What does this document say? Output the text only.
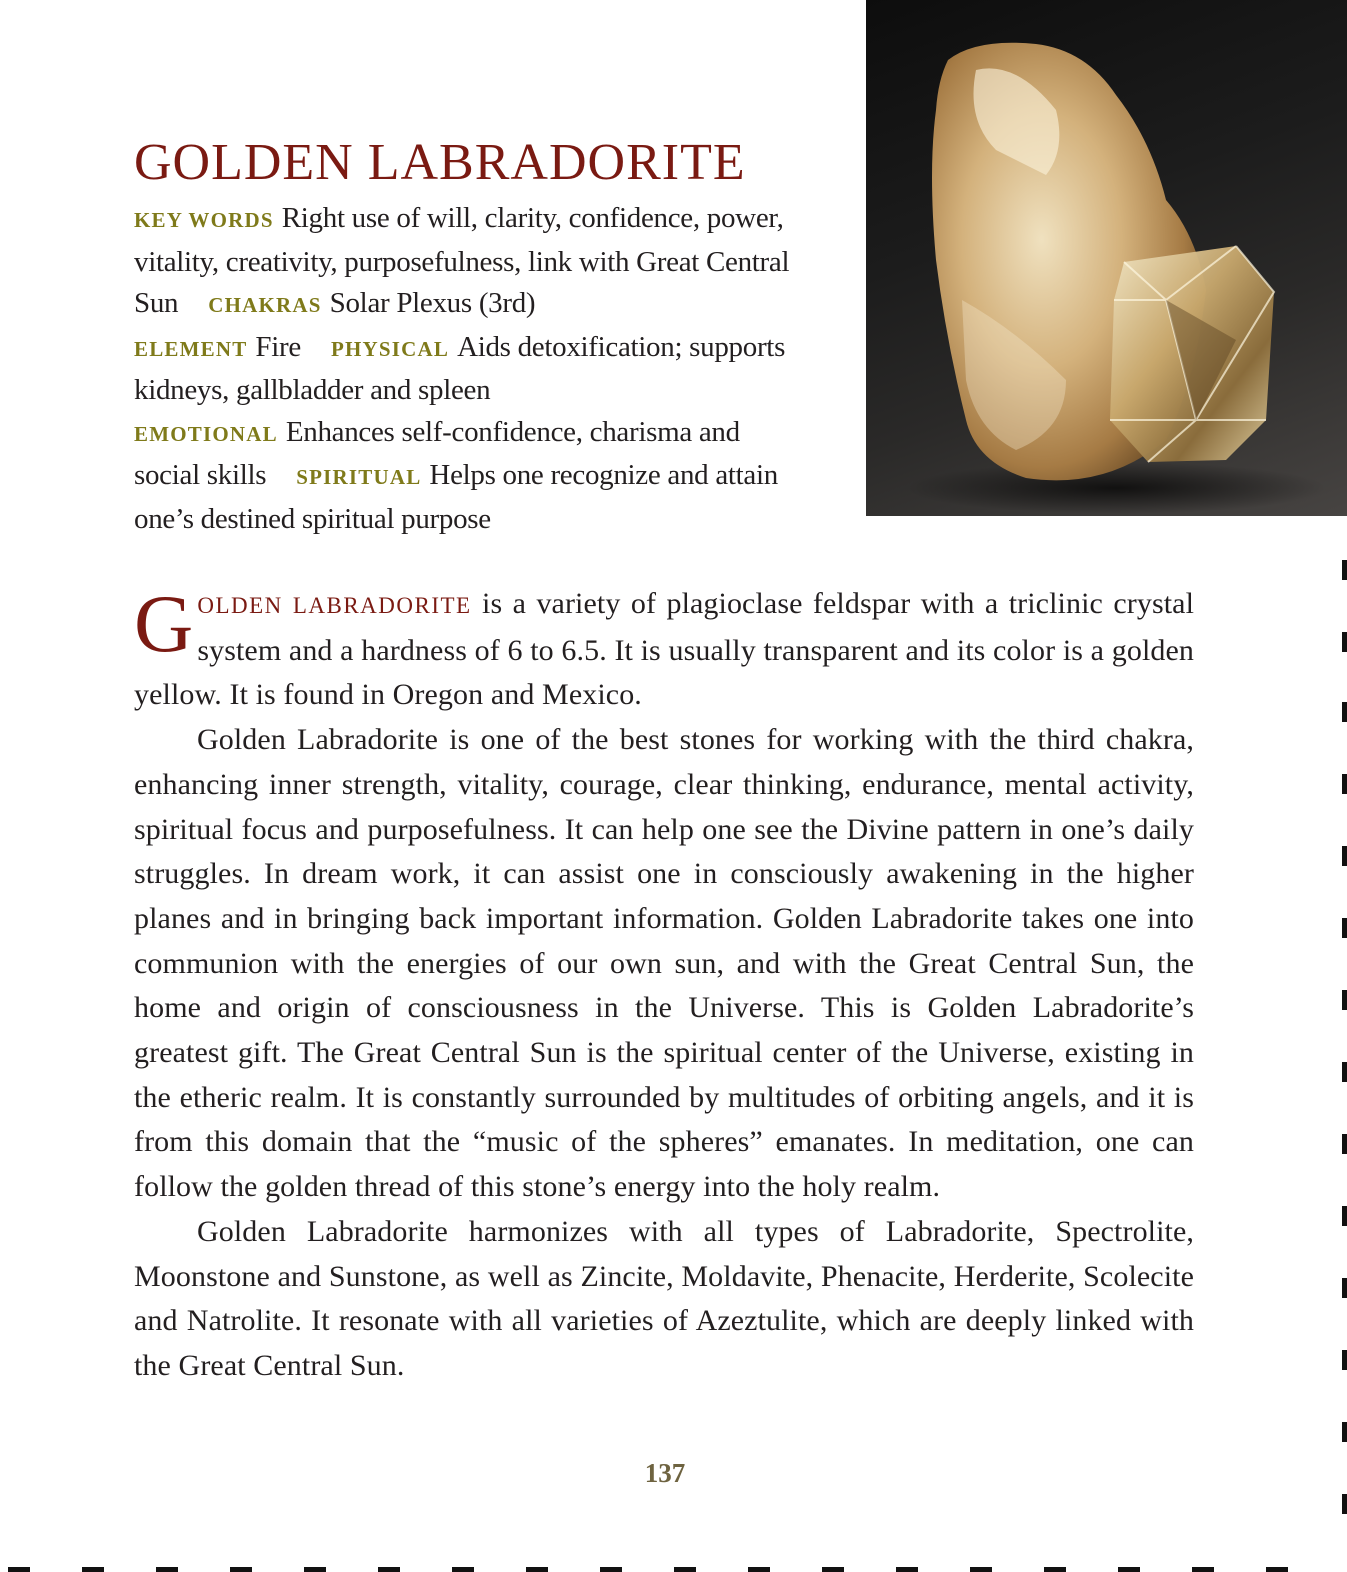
GOLDEN LABRADORITE
KEY WORDS Right use of will, clarity, confidence, power, vitality, creativity, purposefulness, link with Great Central Sun CHAKRAS Solar Plexus (3rd)
ELEMENT Fire PHYSICAL Aids detoxification; supports kidneys, gallbladder and spleen
EMOTIONAL Enhances self-confidence, charisma and social skills SPIRITUAL Helps one recognize and attain one’s destined spiritual purpose

GOLDEN LABRADORITE is a variety of plagioclase feldspar with a triclinic crystal system and a hardness of 6 to 6.5. It is usually transparent and its color is a golden yellow. It is found in Oregon and Mexico.

Golden Labradorite is one of the best stones for working with the third chakra, enhancing inner strength, vitality, courage, clear thinking, endurance, mental activity, spiritual focus and purposefulness. It can help one see the Divine pattern in one’s daily struggles. In dream work, it can assist one in consciously awakening in the higher planes and in bringing back important information. Golden Labradorite takes one into communion with the energies of our own sun, and with the Great Central Sun, the home and origin of consciousness in the Universe. This is Golden Labradorite’s greatest gift. The Great Central Sun is the spiritual center of the Universe, existing in the etheric realm. It is constantly surrounded by multitudes of orbiting angels, and it is from this domain that the “music of the spheres” emanates. In meditation, one can follow the golden thread of this stone’s energy into the holy realm.

Golden Labradorite harmonizes with all types of Labradorite, Spectrolite, Moonstone and Sunstone, as well as Zincite, Moldavite, Phenacite, Herderite, Scolecite and Natrolite. It resonate with all varieties of Azeztulite, which are deeply linked with the Great Central Sun.

137
